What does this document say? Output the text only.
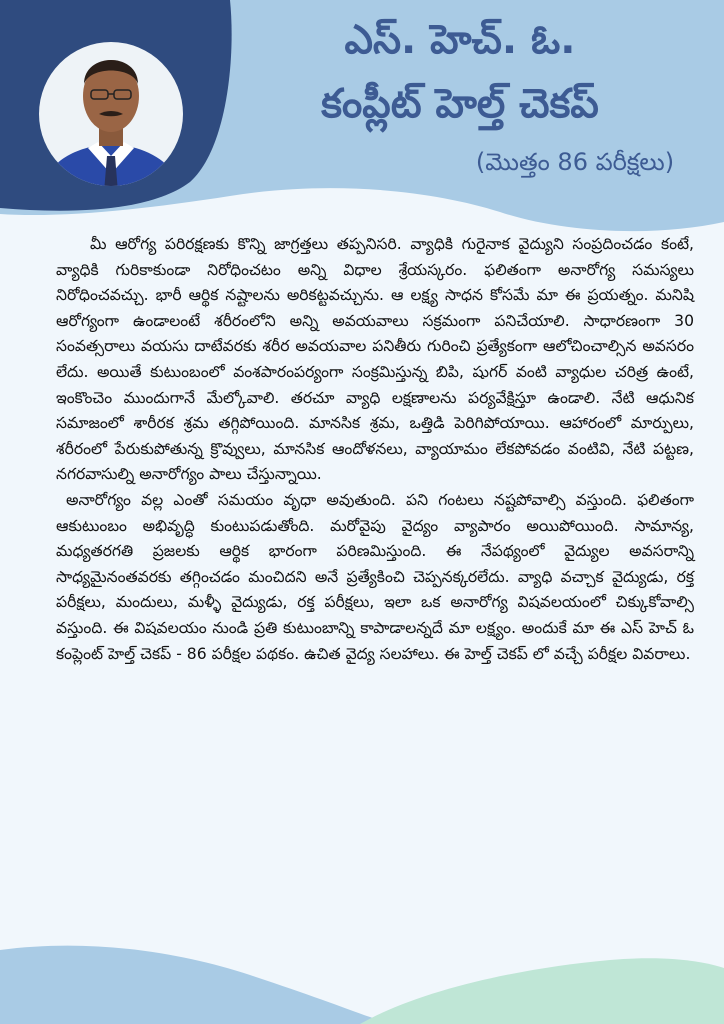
ఎస్. హెచ్. ఓ.
కంప్లీట్ హెల్త్ చెకప్
(మొత్తం 86 పరీక్షలు)

మీ ఆరోగ్య పరిరక్షణకు కొన్ని జాగ్రత్తలు తప్పనిసరి. వ్యాధికి గురైనాక వైద్యుని సంప్రదించడం కంటే, వ్యాధికి గురికాకుండా నిరోధించటం అన్ని విధాల శ్రేయస్కరం. ఫలితంగా అనారోగ్య సమస్యలు నిరోధించవచ్చు. భారీ ఆర్థిక నష్టాలను అరికట్టవచ్చును. ఆ లక్ష్య సాధన కోసమే మా ఈ ప్రయత్నం. మనిషి ఆరోగ్యంగా ఉండాలంటే శరీరంలోని అన్ని అవయవాలు సక్రమంగా పనిచేయాలి. సాధారణంగా 30 సంవత్సరాలు వయసు దాటేవరకు శరీర అవయవాల పనితీరు గురించి ప్రత్యేకంగా ఆలోచించాల్సిన అవసరం లేదు. అయితే కుటుంబంలో వంశపారంపర్యంగా సంక్రమిస్తున్న బిపి, షుగర్ వంటి వ్యాధుల చరిత్ర ఉంటే, ఇంకొంచెం ముందుగానే మేల్కోవాలి. తరచూ వ్యాధి లక్షణాలను పర్యవేక్షిస్తూ ఉండాలి. నేటి ఆధునిక సమాజంలో శారీరక శ్రమ తగ్గిపోయింది. మానసిక శ్రమ, ఒత్తిడి పెరిగిపోయాయి. ఆహారంలో మార్పులు, శరీరంలో పేరుకుపోతున్న క్రొవ్వులు, మానసిక ఆందోళనలు, వ్యాయామం లేకపోవడం వంటివి, నేటి పట్టణ, నగరవాసుల్ని అనారోగ్యం పాలు చేస్తున్నాయి.

అనారోగ్యం వల్ల ఎంతో సమయం వృధా అవుతుంది. పని గంటలు నష్టపోవాల్సి వస్తుంది. ఫలితంగా ఆకుటుంబం అభివృద్ధి కుంటుపడుతోంది. మరోవైపు వైద్యం వ్యాపారం అయిపోయింది. సామాన్య, మధ్యతరగతి ప్రజలకు ఆర్థిక భారంగా పరిణమిస్తుంది. ఈ నేపథ్యంలో వైద్యుల అవసరాన్ని సాధ్యమైనంతవరకు తగ్గించడం మంచిదని అనే ప్రత్యేకించి చెప్పనక్కరలేదు. వ్యాధి వచ్చాక వైద్యుడు, రక్త పరీక్షలు, మందులు, మళ్ళీ వైద్యుడు, రక్త పరీక్షలు, ఇలా ఒక అనారోగ్య విషవలయంలో చిక్కుకోవాల్సి వస్తుంది. ఈ విషవలయం నుండి ప్రతి కుటుంబాన్ని కాపాడాలన్నదే మా లక్ష్యం. అందుకే మా ఈ ఎస్ హెచ్ ఓ కంప్లెంట్ హెల్త్ చెకప్ - 86 పరీక్షల పథకం. ఉచిత వైద్య సలహాలు. ఈ హెల్త్ చెకప్ లో వచ్చే పరీక్షల వివరాలు.
